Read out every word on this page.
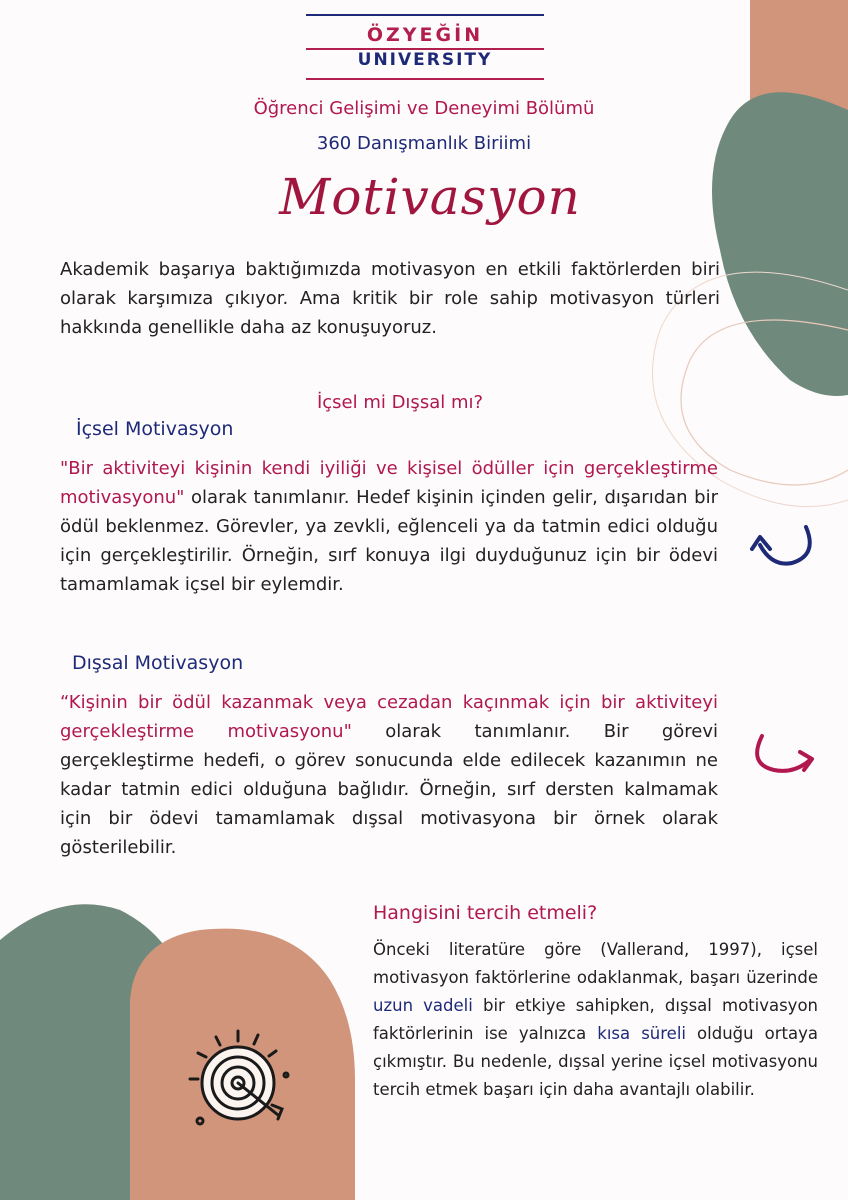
ÖZYEĞİN
UNIVERSITY
Öğrenci Gelişimi ve Deneyimi Bölümü
360 Danışmanlık Biriimi
Motivasyon
Akademik başarıya baktığımızda motivasyon en etkili faktörlerden biri olarak karşımıza çıkıyor. Ama kritik bir role sahip motivasyon türleri hakkında genellikle daha az konuşuyoruz.
İçsel mi Dışsal mı?
İçsel Motivasyon
"Bir aktiviteyi kişinin kendi iyiliği ve kişisel ödüller için gerçekleştirme motivasyonu" olarak tanımlanır. Hedef kişinin içinden gelir, dışarıdan bir ödül beklenmez. Görevler, ya zevkli, eğlenceli ya da tatmin edici olduğu için gerçekleştirilir. Örneğin, sırf konuya ilgi duyduğunuz için bir ödevi tamamlamak içsel bir eylemdir.
Dışsal Motivasyon
“Kişinin bir ödül kazanmak veya cezadan kaçınmak için bir aktiviteyi gerçekleştirme motivasyonu" olarak tanımlanır. Bir görevi gerçekleştirme hedefi, o görev sonucunda elde edilecek kazanımın ne kadar tatmin edici olduğuna bağlıdır. Örneğin, sırf dersten kalmamak için bir ödevi tamamlamak dışsal motivasyona bir örnek olarak gösterilebilir.
Hangisini tercih etmeli?
Önceki literatüre göre (Vallerand, 1997), içsel motivasyon faktörlerine odaklanmak, başarı üzerinde uzun vadeli bir etkiye sahipken, dışsal motivasyon faktörlerinin ise yalnızca kısa süreli olduğu ortaya çıkmıştır. Bu nedenle, dışsal yerine içsel motivasyonu tercih etmek başarı için daha avantajlı olabilir.
